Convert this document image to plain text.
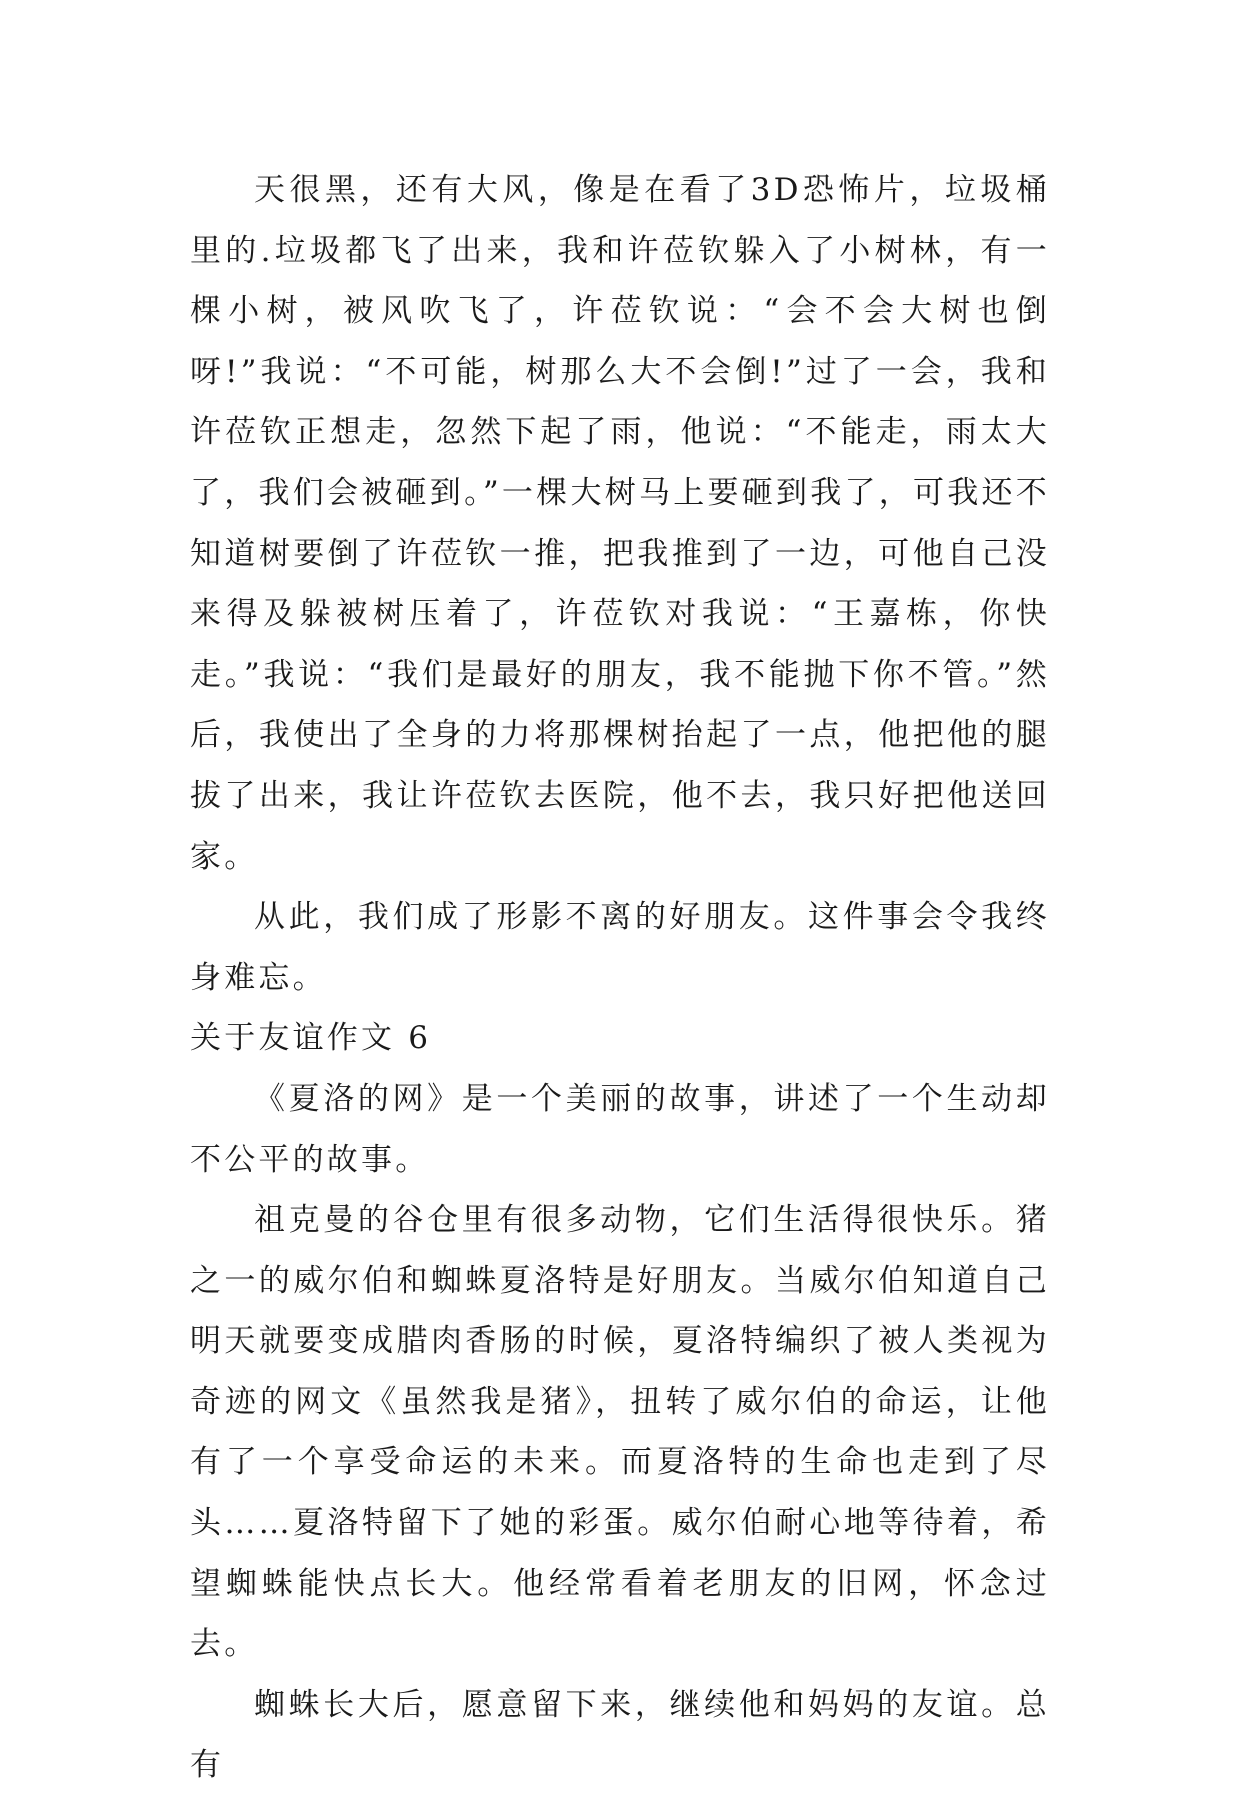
天很黑，还有大风，像是在看了3D恐怖片，垃圾桶里的.垃圾都飞了出来，我和许莅钦躲入了小树林，有一棵小树，被风吹飞了，许莅钦说：“会不会大树也倒呀!”我说：“不可能，树那么大不会倒!”过了一会，我和许莅钦正想走，忽然下起了雨，他说：“不能走，雨太大了，我们会被砸到。”一棵大树马上要砸到我了，可我还不知道树要倒了许莅钦一推，把我推到了一边，可他自己没来得及躲被树压着了，许莅钦对我说：“王嘉栋，你快走。”我说：“我们是最好的朋友，我不能抛下你不管。”然后，我使出了全身的力将那棵树抬起了一点，他把他的腿拔了出来，我让许莅钦去医院，他不去，我只好把他送回家。

从此，我们成了形影不离的好朋友。这件事会令我终身难忘。

关于友谊作文 6

《夏洛的网》是一个美丽的故事，讲述了一个生动却不公平的故事。

祖克曼的谷仓里有很多动物，它们生活得很快乐。猪之一的威尔伯和蜘蛛夏洛特是好朋友。当威尔伯知道自己明天就要变成腊肉香肠的时候，夏洛特编织了被人类视为奇迹的网文《虽然我是猪》，扭转了威尔伯的命运，让他有了一个享受命运的未来。而夏洛特的生命也走到了尽头……夏洛特留下了她的彩蛋。威尔伯耐心地等待着，希望蜘蛛能快点长大。他经常看着老朋友的旧网，怀念过去。

蜘蛛长大后，愿意留下来，继续他和妈妈的友谊。总有
